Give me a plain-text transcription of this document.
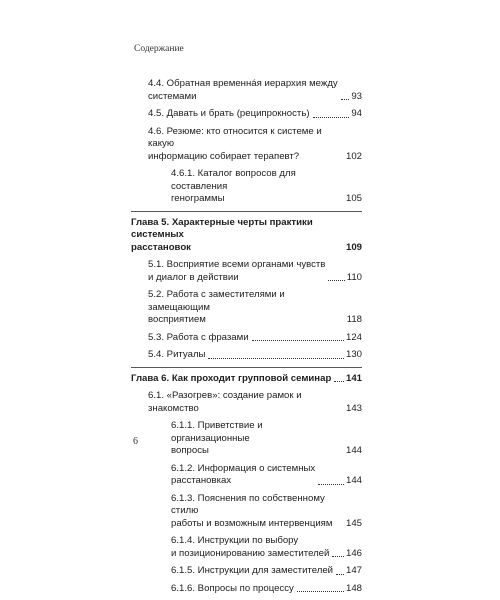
Содержание
4.4. Обратная временнáя иерархия между
системами	93
4.5. Давать и брать (реципрокность)	94
4.6. Резюме: кто относится к системе и какую
информацию собирает терапевт?	102
4.6.1. Каталог вопросов для составления
генограммы	105
Глава 5. Характерные черты практики системных
расстановок	109
5.1. Восприятие всеми органами чувств
и диалог в действии	110
5.2. Работа с заместителями и замещающим
восприятием	118
5.3. Работа с фразами	124
5.4. Ритуалы	130
Глава 6. Как проходит групповой семинар 141
6.1. «Разогрев»: создание рамок и знакомство	143
6.1.1. Приветствие и организационные
вопросы	144
6.1.2. Информация о системных
расстановках	144
6.1.3. Пояснения по собственному стилю
работы и возможным интервенциям	145
6.1.4. Инструкции по выбору
и позиционированию заместителей 146
6.1.5. Инструкции для заместителей 147
6.1.6. Вопросы по процессу	148
6
